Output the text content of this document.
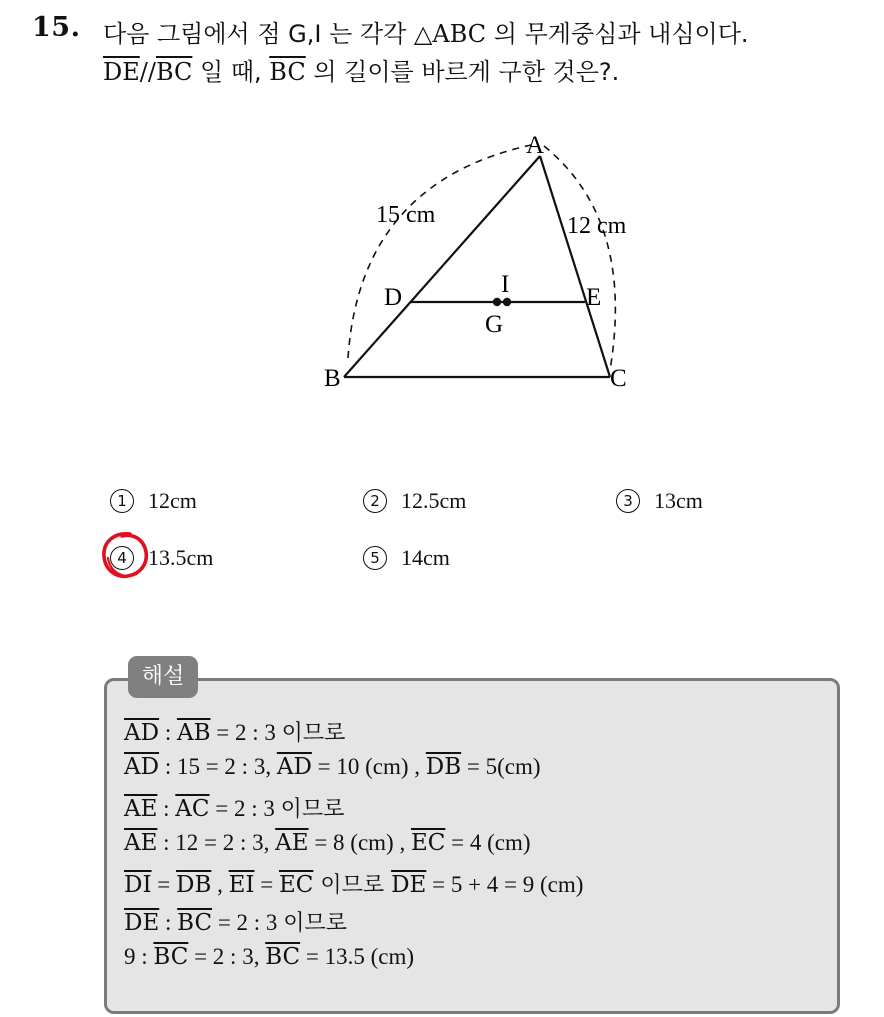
15. 다음 그림에서 점 G,I 는 각각 △ABC 의 무게중심과 내심이다.
$\overline{DE}//\overline{BC}$ 일 때, $\overline{BC}$ 의 길이를 바르게 구한 것은?.
A
B	C
D	E
I
G
15 cm	12 cm
1 12cm	2 12.5cm	3 13cm
4 13.5cm	5 14cm
해설
$\overline{AD}$ : $\overline{AB} = 2$ : 3 이므로
$\overline{AD}$ : 15 = 2 : 3, $\overline{AD} = 10$ (cm) , $\overline{DB} = 5(cm)$
$\overline{AE}$ : $\overline{AC} = 2$ : 3 이므로
$\overline{AE}$ : 12 = 2 : 3, $\overline{AE} = 8$ (cm) , $\overline{EC} = 4$ (cm)
$\overline{DI} = \overline{DB}$ , $\overline{EI} = \overline{EC}$ 이므로 $\overline{DE} = 5 + 4 = 9$ (cm)
$\overline{DE}$ : $\overline{BC} = 2$ : 3 이므로
9 : $\overline{BC} = 2$ : 3, $\overline{BC} = 13.5$ (cm)
